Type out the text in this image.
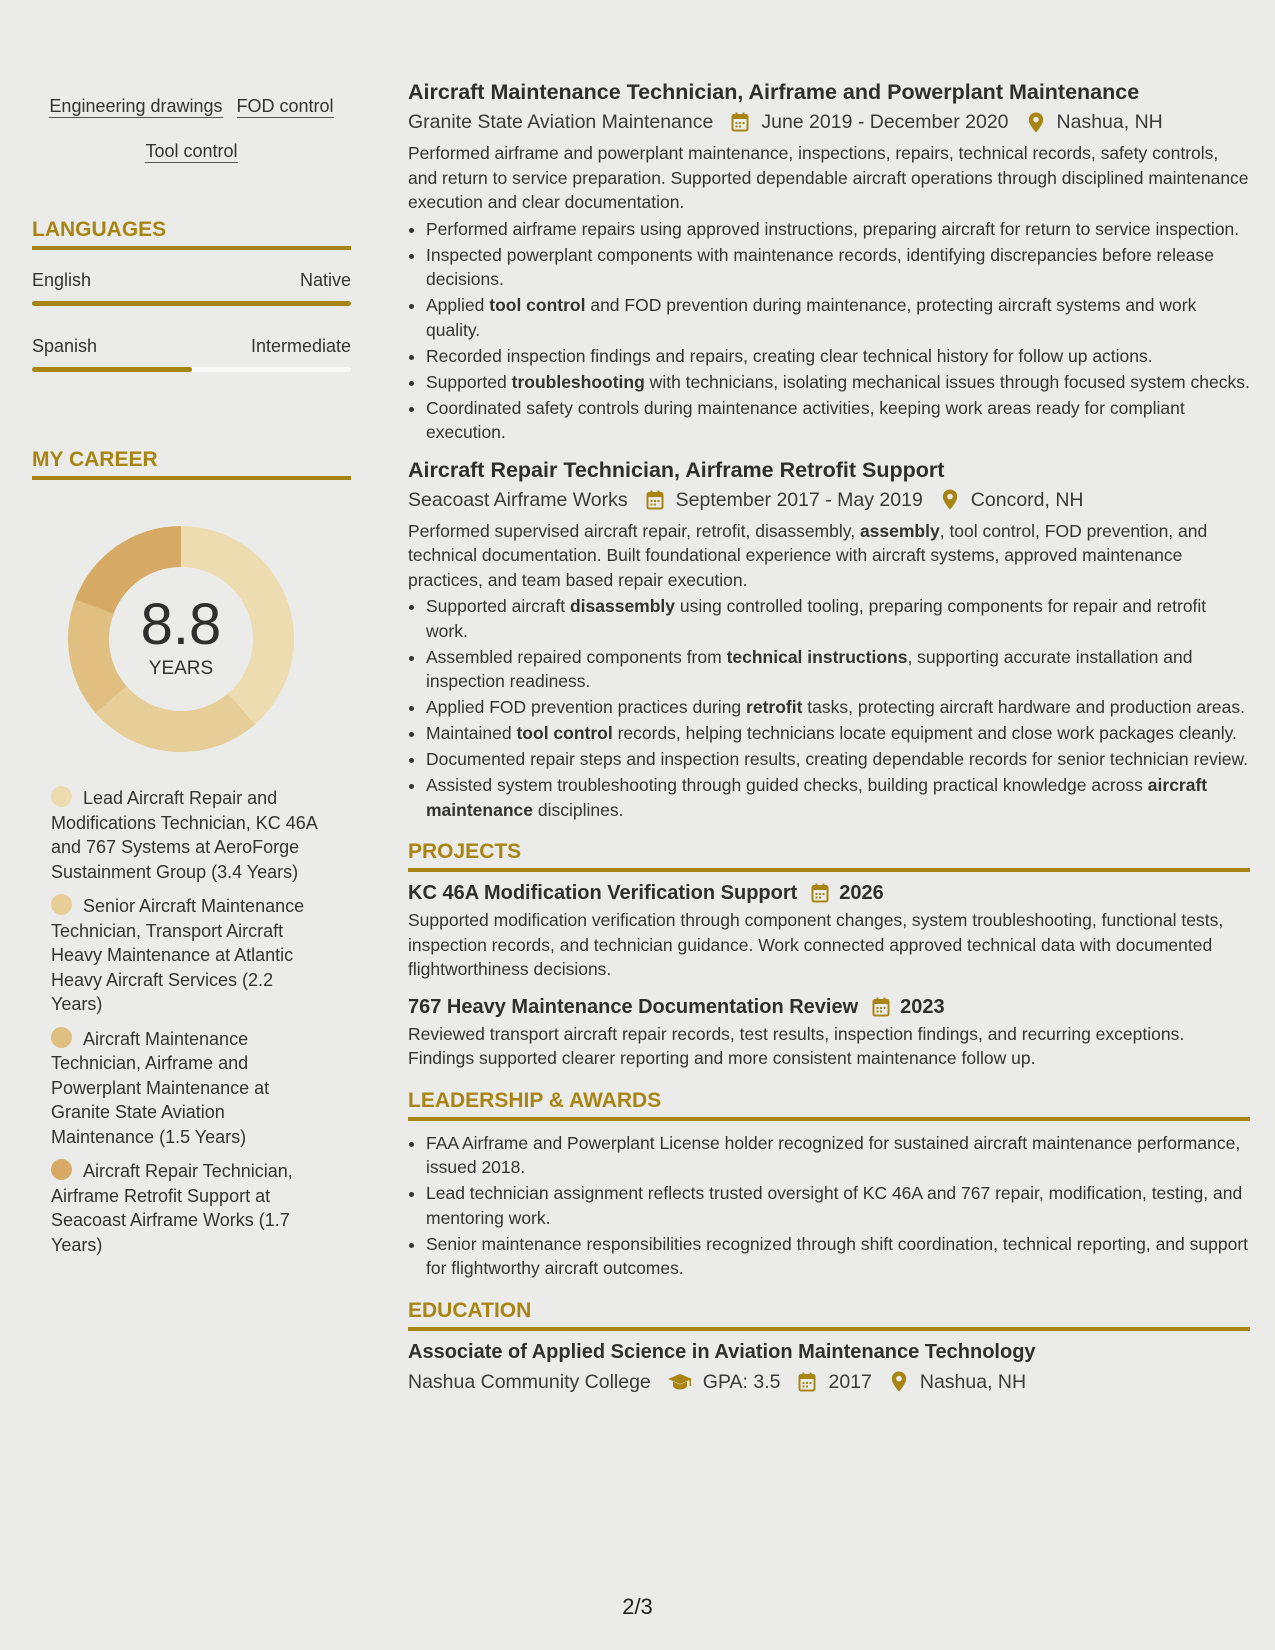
Engineering drawings FOD control
Tool control
LANGUAGES
English	Native
Spanish	Intermediate
MY CAREER
8.8
YEARS
Lead Aircraft Repair and Modifications Technician, KC 46A and 767 Systems at AeroForge Sustainment Group (3.4 Years)
Senior Aircraft Maintenance Technician, Transport Aircraft Heavy Maintenance at Atlantic Heavy Aircraft Services (2.2 Years)
Aircraft Maintenance Technician, Airframe and Powerplant Maintenance at Granite State Aviation Maintenance (1.5 Years)
Aircraft Repair Technician, Airframe Retrofit Support at Seacoast Airframe Works (1.7 Years)
Aircraft Maintenance Technician, Airframe and Powerplant Maintenance
Granite State Aviation Maintenance June 2019 - December 2020 Nashua, NH
Performed airframe and powerplant maintenance, inspections, repairs, technical records, safety controls, and return to service preparation. Supported dependable aircraft operations through disciplined maintenance execution and clear documentation.
• Performed airframe repairs using approved instructions, preparing aircraft for return to service inspection.
• Inspected powerplant components with maintenance records, identifying discrepancies before release decisions.
• Applied tool control and FOD prevention during maintenance, protecting aircraft systems and work quality.
• Recorded inspection findings and repairs, creating clear technical history for follow up actions.
• Supported troubleshooting with technicians, isolating mechanical issues through focused system checks.
• Coordinated safety controls during maintenance activities, keeping work areas ready for compliant execution.
Aircraft Repair Technician, Airframe Retrofit Support
Seacoast Airframe Works September 2017 - May 2019 Concord, NH
Performed supervised aircraft repair, retrofit, disassembly, assembly, tool control, FOD prevention, and technical documentation. Built foundational experience with aircraft systems, approved maintenance practices, and team based repair execution.
• Supported aircraft disassembly using controlled tooling, preparing components for repair and retrofit work.
• Assembled repaired components from technical instructions, supporting accurate installation and inspection readiness.
• Applied FOD prevention practices during retrofit tasks, protecting aircraft hardware and production areas.
• Maintained tool control records, helping technicians locate equipment and close work packages cleanly.
• Documented repair steps and inspection results, creating dependable records for senior technician review.
• Assisted system troubleshooting through guided checks, building practical knowledge across aircraft maintenance disciplines.
PROJECTS
KC 46A Modification Verification Support 2026
Supported modification verification through component changes, system troubleshooting, functional tests, inspection records, and technician guidance. Work connected approved technical data with documented flightworthiness decisions.
767 Heavy Maintenance Documentation Review 2023
Reviewed transport aircraft repair records, test results, inspection findings, and recurring exceptions. Findings supported clearer reporting and more consistent maintenance follow up.
LEADERSHIP & AWARDS
• FAA Airframe and Powerplant License holder recognized for sustained aircraft maintenance performance, issued 2018.
• Lead technician assignment reflects trusted oversight of KC 46A and 767 repair, modification, testing, and mentoring work.
• Senior maintenance responsibilities recognized through shift coordination, technical reporting, and support for flightworthy aircraft outcomes.
EDUCATION
Associate of Applied Science in Aviation Maintenance Technology
Nashua Community College	GPA: 3.5 2017 Nashua, NH
2/3
